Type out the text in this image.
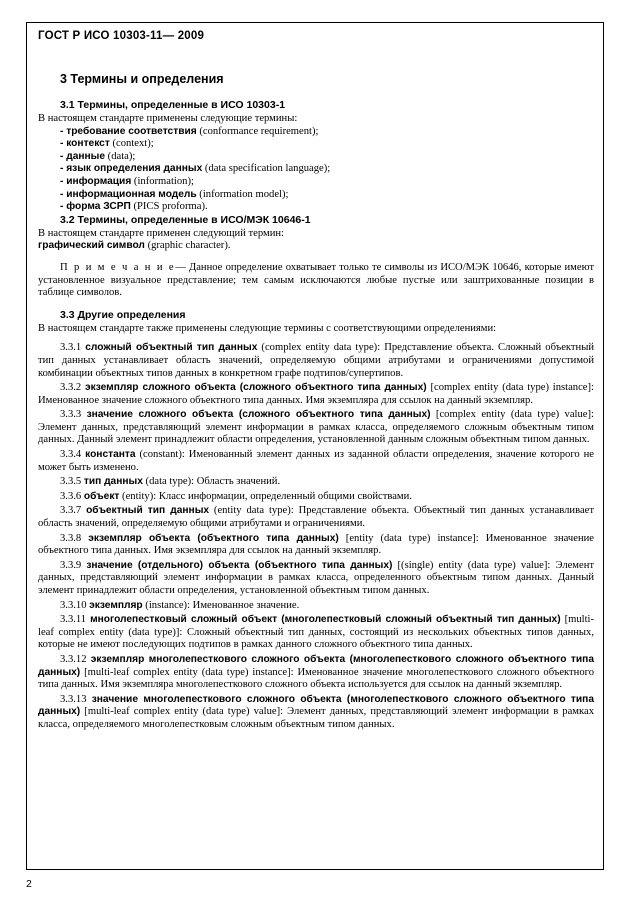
ГОСТ Р ИСО 10303-11— 2009
3 Термины и определения
3.1 Термины, определенные в ИСО 10303-1

В настоящем стандарте применены следующие термины:

- требование соответствия (conformance requirement);

- контекст (context);

- данные (data);

- язык определения данных (data specification language);

- информация (information);

- информационная модель (information model);

- форма ЗСРП (PICS proforma).

3.2 Термины, определенные в ИСО/МЭК 10646-1

В настоящем стандарте применен следующий термин:

графический символ (graphic character).

П р и м е ч а н и е— Данное определение охватывает только те символы из ИСО/МЭК 10646, которые имеют установленное визуальное представление; тем самым исключаются любые пустые или заштрихованные позиции в таблице символов.

3.3 Другие определения

В настоящем стандарте также применены следующие термины с соответствующими определениями:

3.3.1 сложный объектный тип данных (complex entity data type): Представление объекта. Сложный объектный тип данных устанавливает область значений, определяемую общими атрибутами и ограничениями допустимой комбинации объектных типов данных в конкретном графе подтипов/супертипов.

3.3.2 экземпляр сложного объекта (сложного объектного типа данных) [complex entity (data type) instance]: Именованное значение сложного объектного типа данных. Имя экземпляра для ссылок на данный экземпляр.

3.3.3 значение сложного объекта (сложного объектного типа данных) [complex entity (data type) value]: Элемент данных, представляющий элемент информации в рамках класса, определяемого сложным объектным типом данных. Данный элемент принадлежит области определения, установленной данным сложным объектным типом данных.

3.3.4 константа (constant): Именованный элемент данных из заданной области определения, значение которого не может быть изменено.

3.3.5 тип данных (data type): Область значений.

3.3.6 объект (entity): Класс информации, определенный общими свойствами.

3.3.7 объектный тип данных (entity data type): Представление объекта. Объектный тип данных устанавливает область значений, определяемую общими атрибутами и ограничениями.

3.3.8 экземпляр объекта (объектного типа данных) [entity (data type) instance]: Именованное значение объектного типа данных. Имя экземпляра для ссылок на данный экземпляр.

3.3.9 значение (отдельного) объекта (объектного типа данных) [(single) entity (data type) value]: Элемент данных, представляющий элемент информации в рамках класса, определенного объектным типом данных. Данный элемент принадлежит области определения, установленной объектным типом данных.

3.3.10 экземпляр (instance): Именованное значение.

3.3.11 многолепестковый сложный объект (многолепестковый сложный объектный тип данных) [multi-leaf complex entity (data type)]: Сложный объектный тип данных, состоящий из нескольких объектных типов данных, которые не имеют последующих подтипов в рамках данного сложного объектного типа данных.

3.3.12 экземпляр многолепесткового сложного объекта (многолепесткового сложного объектного типа данных) [multi-leaf complex entity (data type) instance]: Именованное значение многолепесткового сложного объектного типа данных. Имя экземпляра многолепесткового сложного объекта используется для ссылок на данный экземпляр.

3.3.13 значение многолепесткового сложного объекта (многолепесткового сложного объектного типа данных) [multi-leaf complex entity (data type) value]: Элемент данных, представляющий элемент информации в рамках класса, определяемого многолепестковым сложным объектным типом данных.

2
